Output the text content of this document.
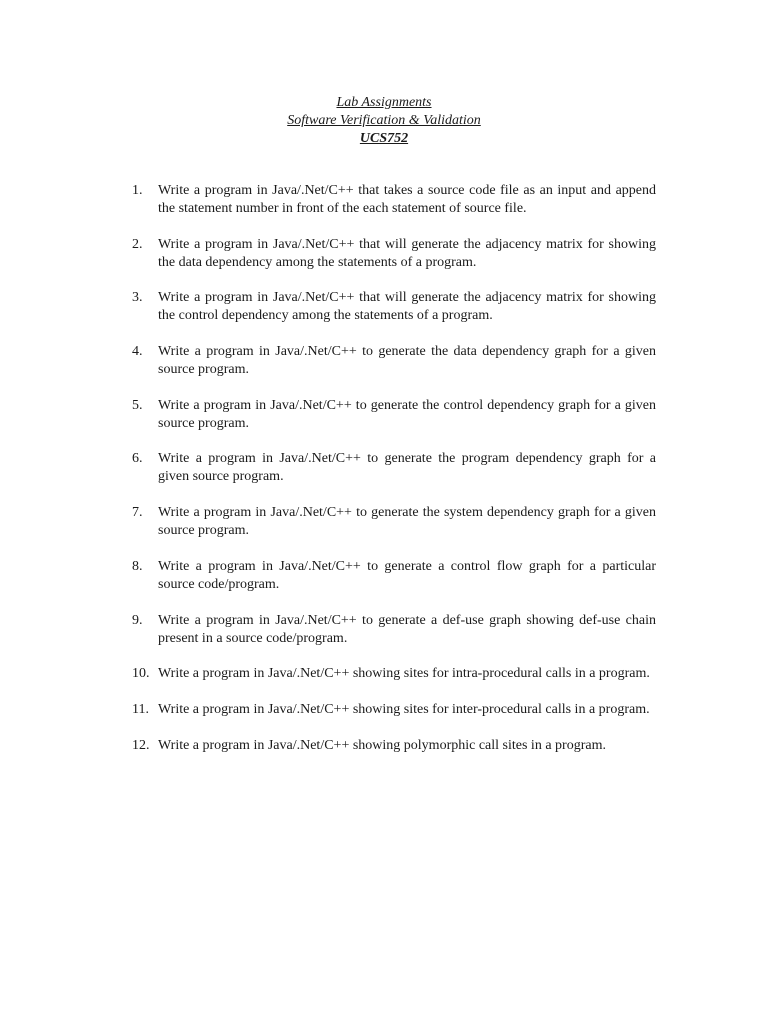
Lab Assignments
Software Verification & Validation
UCS752
1.	Write a program in Java/.Net/C++ that takes a source code file as an input and append the statement number in front of the each statement of source file.
2.	Write a program in Java/.Net/C++ that will generate the adjacency matrix for showing the data dependency among the statements of a program.
3.	Write a program in Java/.Net/C++ that will generate the adjacency matrix for showing the control dependency among the statements of a program.
4.	Write a program in Java/.Net/C++ to generate the data dependency graph for a given source program.
5.	Write a program in Java/.Net/C++ to generate the control dependency graph for a given source program.
6.	Write a program in Java/.Net/C++ to generate the program dependency graph for a given source program.
7.	Write a program in Java/.Net/C++ to generate the system dependency graph for a given source program.
8.	Write a program in Java/.Net/C++ to generate a control flow graph for a particular source code/program.
9.	Write a program in Java/.Net/C++ to generate a def-use graph showing def-use chain present in a source code/program.
10. Write a program in Java/.Net/C++ showing sites for intra-procedural calls in a program.
11. Write a program in Java/.Net/C++ showing sites for inter-procedural calls in a program.
12. Write a program in Java/.Net/C++ showing polymorphic call sites in a program.
